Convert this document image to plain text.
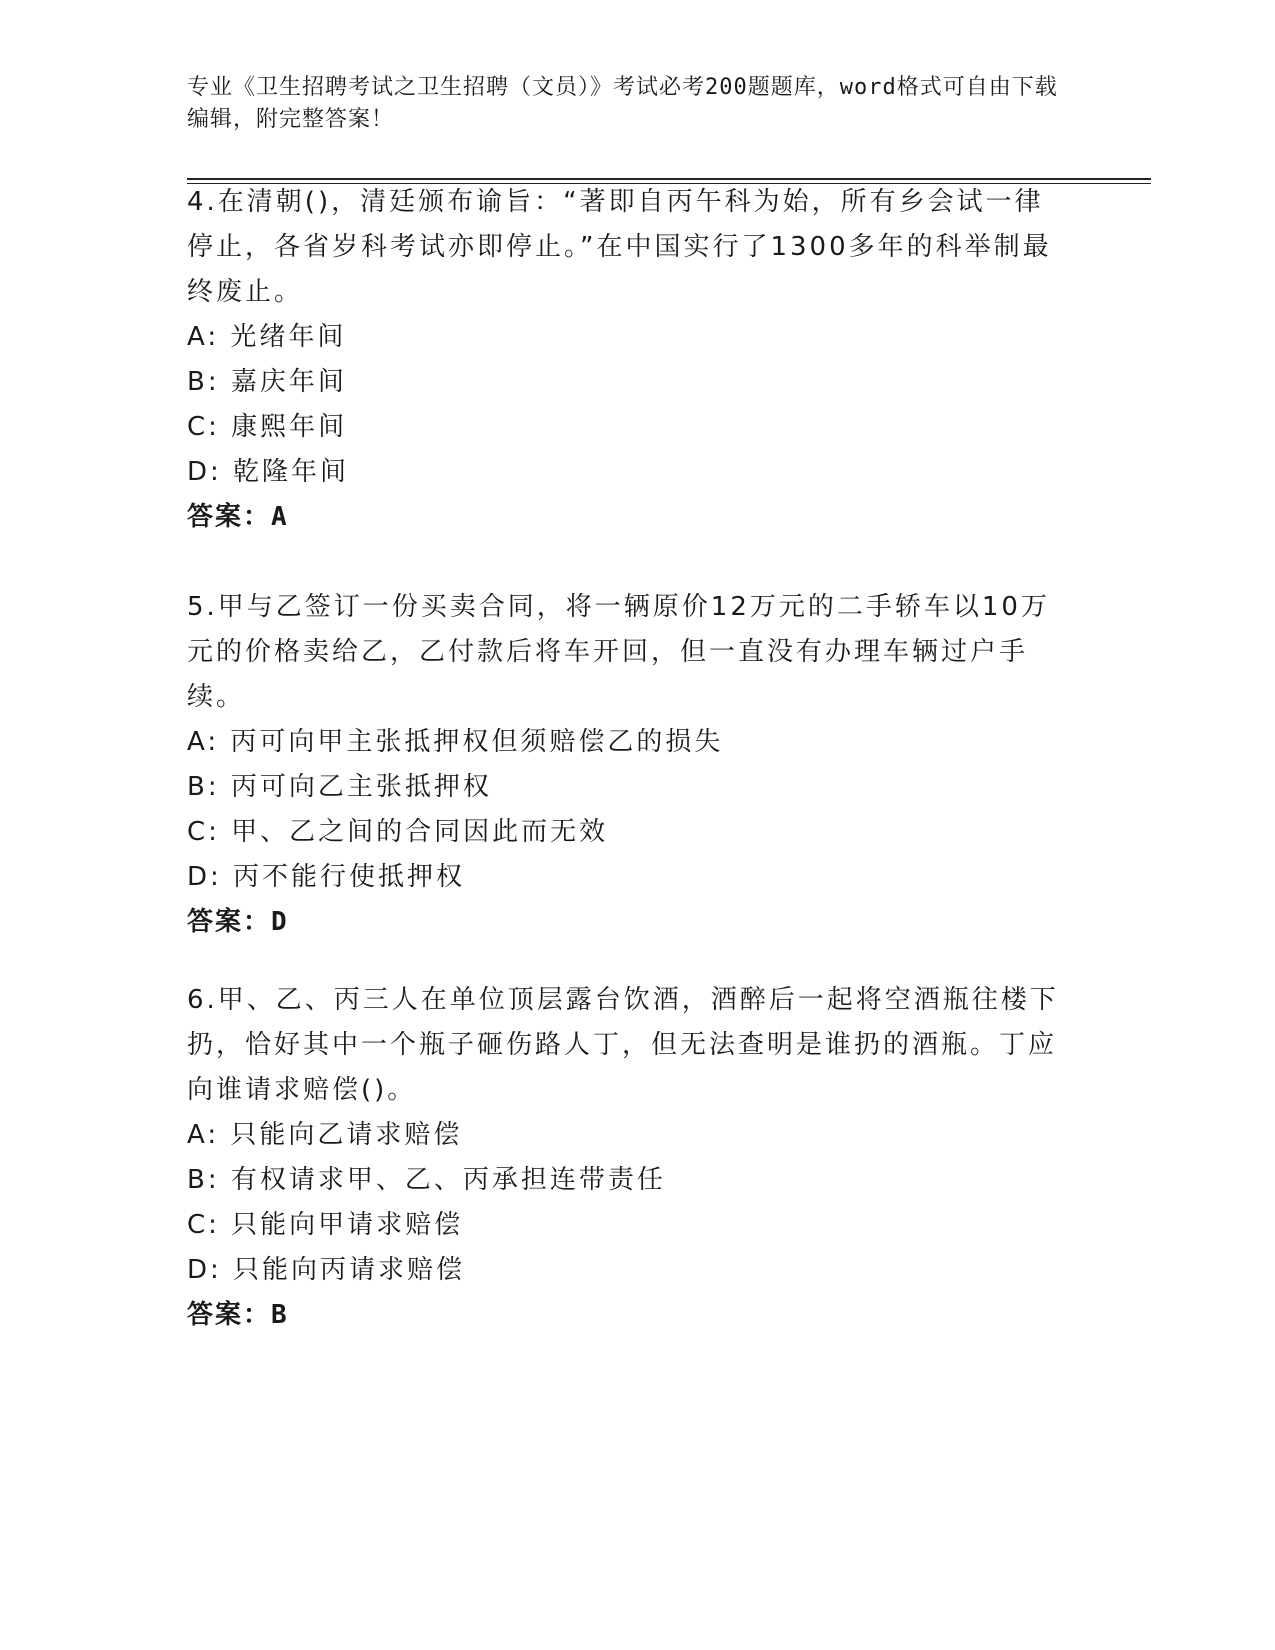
专业《卫生招聘考试之卫生招聘（文员）》考试必考200题题库，word格式可自由下载编辑，附完整答案！
4.在清朝()，清廷颁布谕旨：“著即自丙午科为始，所有乡会试一律停止，各省岁科考试亦即停止。”在中国实行了1300多年的科举制最终废止。
A: 光绪年间
B: 嘉庆年间
C: 康熙年间
D: 乾隆年间
答案：A
5.甲与乙签订一份买卖合同，将一辆原价12万元的二手轿车以10万元的价格卖给乙，乙付款后将车开回，但一直没有办理车辆过户手续。
A: 丙可向甲主张抵押权但须赔偿乙的损失
B: 丙可向乙主张抵押权
C: 甲、乙之间的合同因此而无效
D: 丙不能行使抵押权
答案：D
6.甲、乙、丙三人在单位顶层露台饮酒，酒醉后一起将空酒瓶往楼下扔，恰好其中一个瓶子砸伤路人丁，但无法查明是谁扔的酒瓶。丁应向谁请求赔偿()。
A: 只能向乙请求赔偿
B: 有权请求甲、乙、丙承担连带责任
C: 只能向甲请求赔偿
D: 只能向丙请求赔偿
答案：B
